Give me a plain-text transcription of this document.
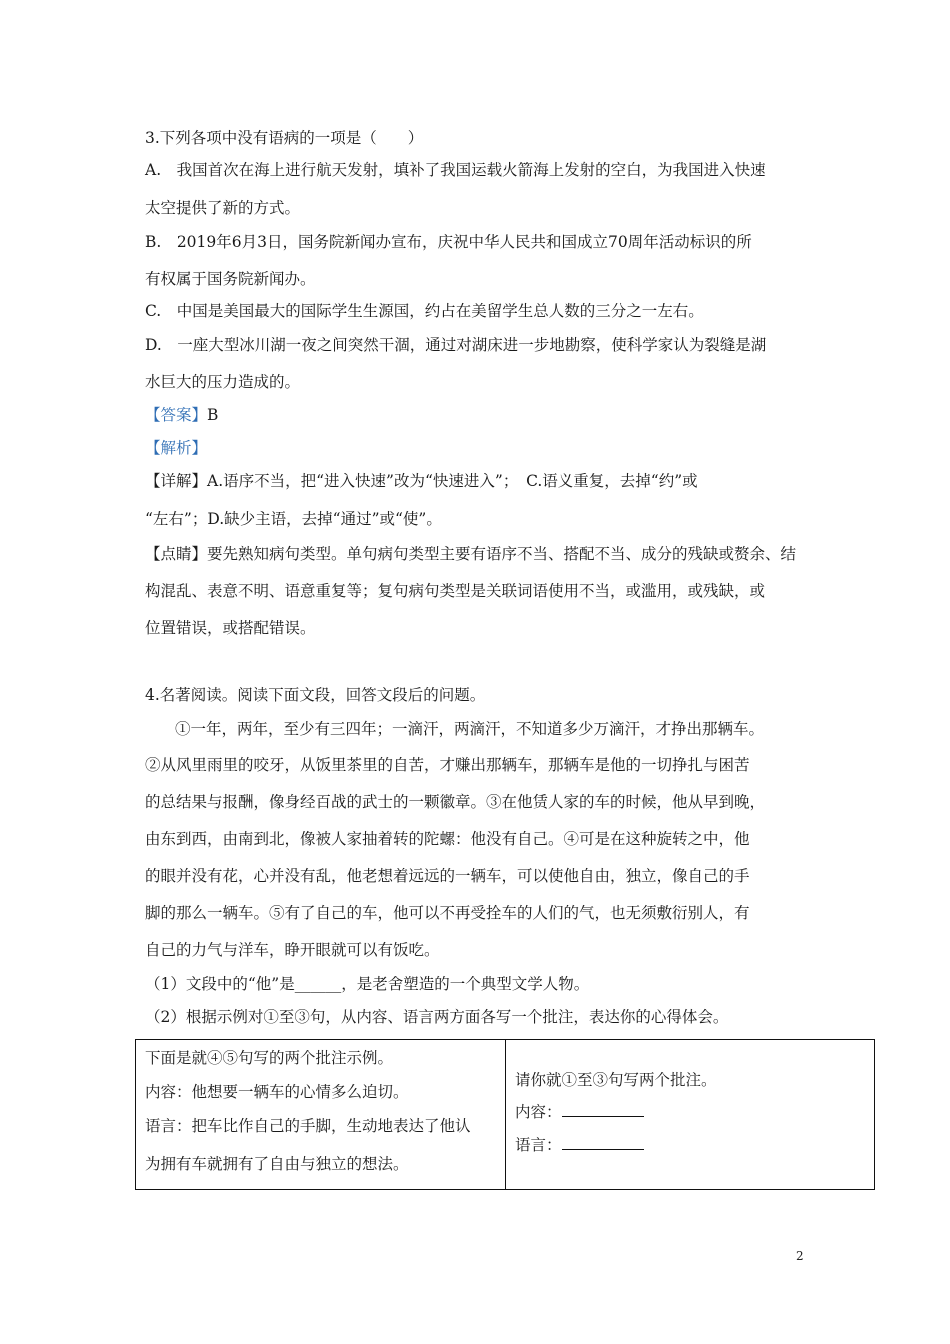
3.下列各项中没有语病的一项是（　　）
A.　我国首次在海上进行航天发射，填补了我国运载火箭海上发射的空白，为我国进入快速
太空提供了新的方式。
B.　2019年6月3日，国务院新闻办宣布，庆祝中华人民共和国成立70周年活动标识的所
有权属于国务院新闻办。
C.　中国是美国最大的国际学生生源国，约占在美留学生总人数的三分之一左右。
D.　一座大型冰川湖一夜之间突然干涸，通过对湖床进一步地勘察，使科学家认为裂缝是湖
水巨大的压力造成的。
【答案】B
【解析】
【详解】A.语序不当，把“进入快速”改为“快速进入”；　C.语义重复，去掉“约”或
“左右”；D.缺少主语，去掉“通过”或“使”。
【点睛】要先熟知病句类型。单句病句类型主要有语序不当、搭配不当、成分的残缺或赘余、结
构混乱、表意不明、语意重复等；复句病句类型是关联词语使用不当，或滥用，或残缺，或
位置错误，或搭配错误。
4.名著阅读。阅读下面文段，回答文段后的问题。
①一年，两年，至少有三四年；一滴汗，两滴汗，不知道多少万滴汗，才挣出那辆车。
②从风里雨里的咬牙，从饭里茶里的自苦，才赚出那辆车，那辆车是他的一切挣扎与困苦
的总结果与报酬，像身经百战的武士的一颗徽章。③在他赁人家的车的时候，他从早到晚，
由东到西，由南到北，像被人家抽着转的陀螺：他没有自己。④可是在这种旋转之中，他
的眼并没有花，心并没有乱，他老想着远远的一辆车，可以使他自由，独立，像自己的手
脚的那么一辆车。⑤有了自己的车，他可以不再受拴车的人们的气，也无须敷衍别人，有
自己的力气与洋车，睁开眼就可以有饭吃。
（1）文段中的“他”是______，是老舍塑造的一个典型文学人物。
（2）根据示例对①至③句，从内容、语言两方面各写一个批注，表达你的心得体会。
下面是就④⑤句写的两个批注示例。
内容：他想要一辆车的心情多么迫切。
语言：把车比作自己的手脚，生动地表达了他认
为拥有车就拥有了自由与独立的想法。
请你就①至③句写两个批注。
内容：
语言：
2
